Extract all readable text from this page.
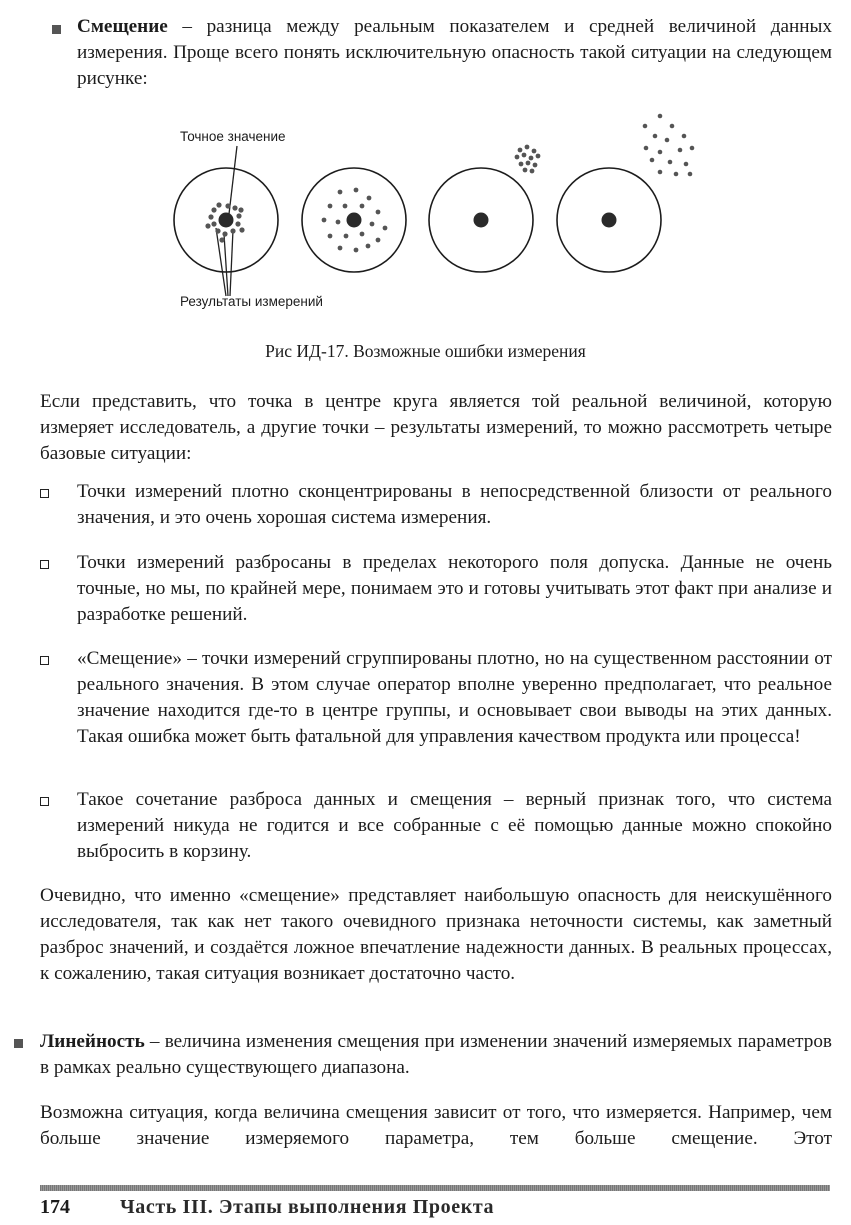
Смещение – разница между реальным показателем и средней величиной данных измерения. Проще всего понять исключительную опасность такой ситуации на следующем рисунке:

Точное значение
Результаты измерений

Рис ИД-17. Возможные ошибки измерения

Если представить, что точка в центре круга является той реальной величиной, которую измеряет исследователь, а другие точки – результаты измерений, то можно рассмотреть четыре базовые ситуации:

Точки измерений плотно сконцентрированы в непосредственной близости от реального значения, и это очень хорошая система измерения.

Точки измерений разбросаны в пределах некоторого поля допуска. Данные не очень точные, но мы, по крайней мере, понимаем это и готовы учитывать этот факт при анализе и разработке решений.

«Смещение» – точки измерений сгруппированы плотно, но на существенном расстоянии от реального значения. В этом случае оператор вполне уверенно предполагает, что реальное значение находится где-то в центре группы, и основывает свои выводы на этих данных. Такая ошибка может быть фатальной для управления качеством продукта или процесса!

Такое сочетание разброса данных и смещения – верный признак того, что система измерений никуда не годится и все собранные с её помощью данные можно спокойно выбросить в корзину.

Очевидно, что именно «смещение» представляет наибольшую опасность для неискушённого исследователя, так как нет такого очевидного признака неточности системы, как заметный разброс значений, и создаётся ложное впечатление надежности данных. В реальных процессах, к сожалению, такая ситуация возникает достаточно часто.

Линейность – величина изменения смещения при изменении значений измеряемых параметров в рамках реально существующего диапазона.

Возможна ситуация, когда величина смещения зависит от того, что измеряется. Например, чем больше значение измеряемого параметра, тем больше смещение. Этот

174	Часть III. Этапы выполнения Проекта
